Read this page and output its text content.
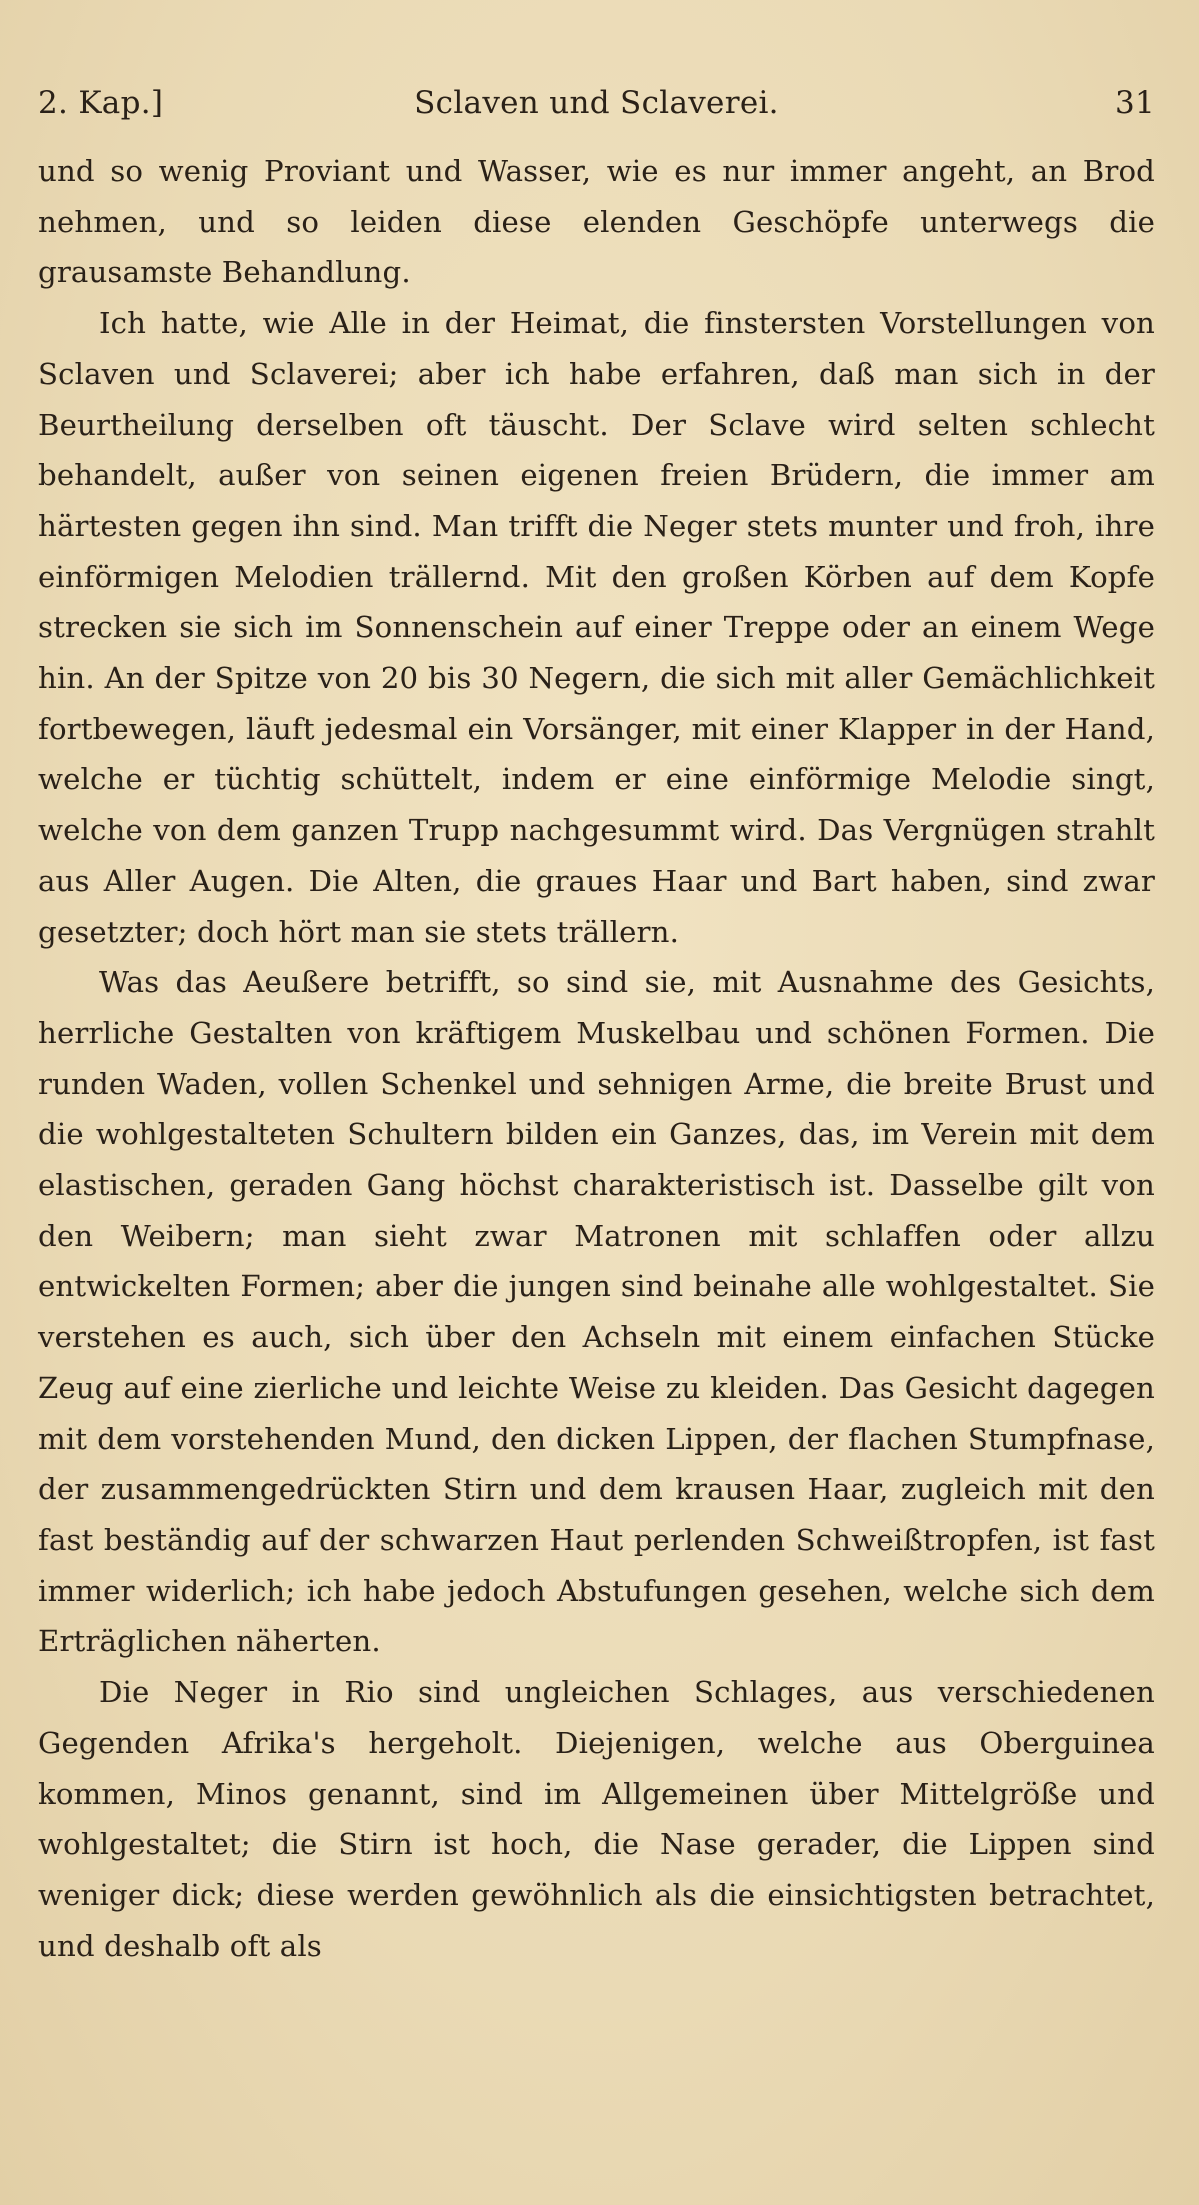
2. Kap.]	Sclaven und Sclaverei.	31

und so wenig Proviant und Wasser, wie es nur immer angeht, an Brod nehmen, und so leiden diese elenden Geschöpfe unterwegs die grausamste Behandlung.

Ich hatte, wie Alle in der Heimat, die finstersten Vorstellungen von Sclaven und Sclaverei; aber ich habe erfahren, daß man sich in der Beurtheilung derselben oft täuscht. Der Sclave wird selten schlecht behandelt, außer von seinen eigenen freien Brüdern, die immer am härtesten gegen ihn sind. Man trifft die Neger stets munter und froh, ihre einförmigen Melodien trällernd. Mit den großen Körben auf dem Kopfe strecken sie sich im Sonnenschein auf einer Treppe oder an einem Wege hin. An der Spitze von 20 bis 30 Negern, die sich mit aller Gemächlichkeit fortbewegen, läuft jedesmal ein Vorsänger, mit einer Klapper in der Hand, welche er tüchtig schüttelt, indem er eine einförmige Melodie singt, welche von dem ganzen Trupp nachgesummt wird. Das Vergnügen strahlt aus Aller Augen. Die Alten, die graues Haar und Bart haben, sind zwar gesetzter; doch hört man sie stets trällern.

Was das Aeußere betrifft, so sind sie, mit Ausnahme des Gesichts, herrliche Gestalten von kräftigem Muskelbau und schönen Formen. Die runden Waden, vollen Schenkel und sehnigen Arme, die breite Brust und die wohlgestalteten Schultern bilden ein Ganzes, das, im Verein mit dem elastischen, geraden Gang höchst charakteristisch ist. Dasselbe gilt von den Weibern; man sieht zwar Matronen mit schlaffen oder allzu entwickelten Formen; aber die jungen sind beinahe alle wohlgestaltet. Sie verstehen es auch, sich über den Achseln mit einem einfachen Stücke Zeug auf eine zierliche und leichte Weise zu kleiden. Das Gesicht dagegen mit dem vorstehenden Mund, den dicken Lippen, der flachen Stumpfnase, der zusammengedrückten Stirn und dem krausen Haar, zugleich mit den fast beständig auf der schwarzen Haut perlenden Schweißtropfen, ist fast immer widerlich; ich habe jedoch Abstufungen gesehen, welche sich dem Erträglichen näherten.

Die Neger in Rio sind ungleichen Schlages, aus verschiedenen Gegenden Afrika's hergeholt. Diejenigen, welche aus Oberguinea kommen, Minos genannt, sind im Allgemeinen über Mittelgröße und wohlgestaltet; die Stirn ist hoch, die Nase gerader, die Lippen sind weniger dick; diese werden gewöhnlich als die einsichtigsten betrachtet, und deshalb oft als
